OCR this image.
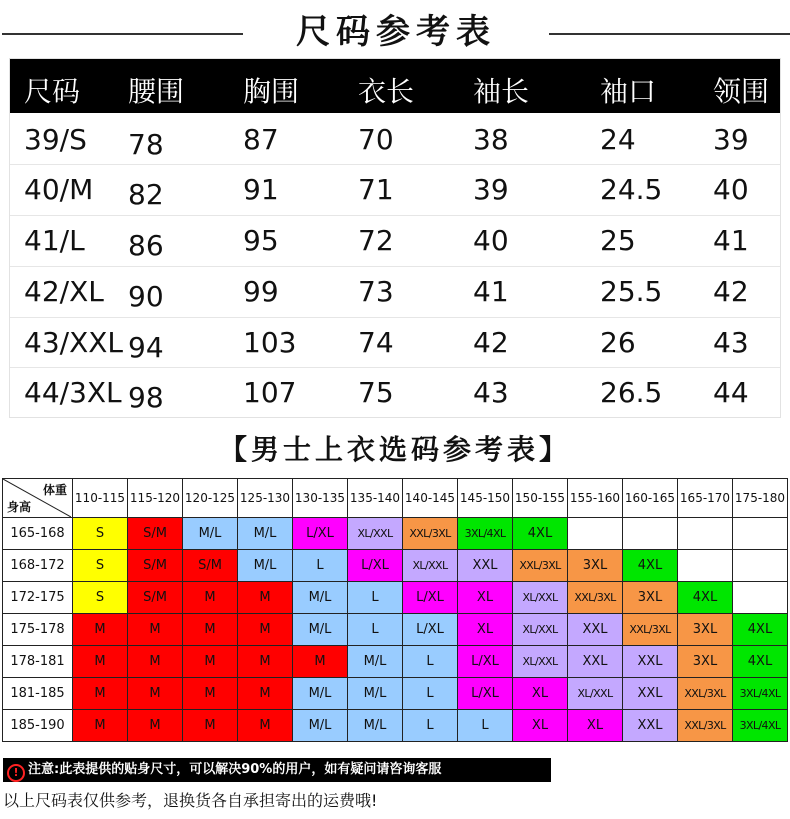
尺码参考表
尺码 腰围 胸围 衣长 袖长	袖口 领围
39/S 78	87	70	38	24	39
40/M 82	91	71	39	24.5 40
41/L 86	95	72	40	25	41
42/XL 90	99	73	41	25.5 42
43/XXL 94	103 74	42	26	43
44/3XL 98	107 75	43	26.5 44
【男士上衣选码参考表】
体重
身高	110-115	115-120	120-125	125-130	130-135	135-140	140-145	145-150	150-155	155-160	160-165	165-170	175-180
165-168	S	S/M	M/L	M/L	L/XL	XL/XXL	XXL/3XL	3XL/4XL	4XL				
168-172	S	S/M	S/M	M/L	L	L/XL	XL/XXL	XXL	XXL/3XL	3XL	4XL		
172-175	S	S/M	M	M	M/L	L	L/XL	XL	XL/XXL	XXL/3XL	3XL	4XL	
175-178	M	M	M	M	M/L	L	L/XL	XL	XL/XXL	XXL	XXL/3XL	3XL	4XL
178-181	M	M	M	M	M	M/L	L	L/XL	XL/XXL	XXL	XXL	3XL	4XL
181-185	M	M	M	M	M/L	M/L	L	L/XL	XL	XL/XXL	XXL	XXL/3XL	3XL/4XL
185-190	M	M	M	M	M/L	M/L	L	L	XL	XL	XXL	XXL/3XL	3XL/4XL
! 注意:此表提供的贴身尺寸，可以解决90%的用户，如有疑问请咨询客服
以上尺码表仅供参考，退换货各自承担寄出的运费哦!
